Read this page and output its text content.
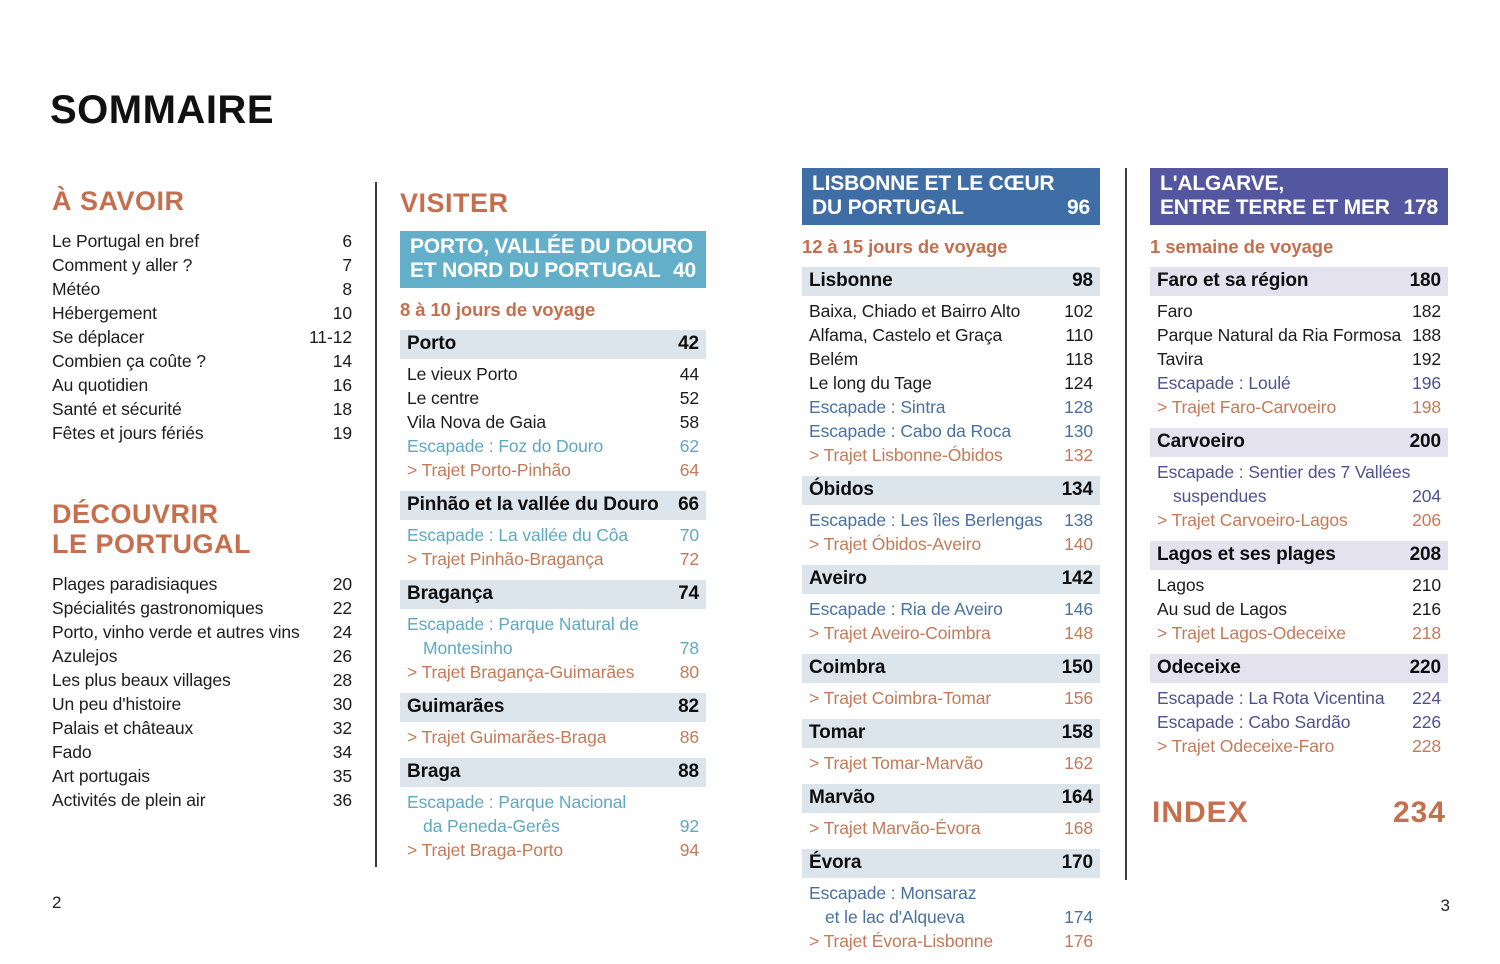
SOMMAIRE
À SAVOIR
Le Portugal en bref	6
Comment y aller ?	7
Météo	8
Hébergement	10
Se déplacer	11-12
Combien ça coûte ?	14
Au quotidien	16
Santé et sécurité	18
Fêtes et jours fériés	19
DÉCOUVRIR
LE PORTUGAL
Plages paradisiaques	20
Spécialités gastronomiques	22
Porto, vinho verde et autres vins 24
Azulejos	26
Les plus beaux villages	28
Un peu d'histoire	30
Palais et châteaux	32
Fado	34
Art portugais	35
Activités de plein air	36
VISITER
PORTO, VALLÉE DU DOURO
ET NORD DU PORTUGAL 40
8 à 10 jours de voyage
Porto	42
Le vieux Porto	44
Le centre	52
Vila Nova de Gaia	58
Escapade : Foz do Douro	62
> Trajet Porto-Pinhão	64
Pinhão et la vallée du Douro 66
Escapade : La vallée du Côa	70
> Trajet Pinhão-Bragança	72
Bragança	74
Escapade : Parque Natural de
Montesinho	78
> Trajet Bragança-Guimarães	80
Guimarães	82
> Trajet Guimarães-Braga	86
Braga	88
Escapade : Parque Nacional
da Peneda-Gerês	92
> Trajet Braga-Porto	94
LISBONNE ET LE CŒUR
DU PORTUGAL	96
12 à 15 jours de voyage
Lisbonne	98
Baixa, Chiado et Bairro Alto	102
Alfama, Castelo et Graça	110
Belém	118
Le long du Tage	124
Escapade : Sintra	128
Escapade : Cabo da Roca	130
> Trajet Lisbonne-Óbidos	132
Óbidos	134
Escapade : Les îles Berlengas 138
> Trajet Óbidos-Aveiro	140
Aveiro	142
Escapade : Ria de Aveiro	146
> Trajet Aveiro-Coimbra	148
Coimbra	150
> Trajet Coimbra-Tomar	156
Tomar	158
> Trajet Tomar-Marvão	162
Marvão	164
> Trajet Marvão-Évora	168
Évora	170
Escapade : Monsaraz
et le lac d'Alqueva	174
> Trajet Évora-Lisbonne	176
L'ALGARVE,
ENTRE TERRE ET MER 178
1 semaine de voyage
Faro et sa région	180
Faro	182
Parque Natural da Ria Formosa 188
Tavira	192
Escapade : Loulé	196
> Trajet Faro-Carvoeiro	198
Carvoeiro	200
Escapade : Sentier des 7 Vallées
suspendues	204
> Trajet Carvoeiro-Lagos	206
Lagos et ses plages	208
Lagos	210
Au sud de Lagos	216
> Trajet Lagos-Odeceixe	218
Odeceixe	220
Escapade : La Rota Vicentina 224
Escapade : Cabo Sardão	226
> Trajet Odeceixe-Faro	228
INDEX	234
2	3
